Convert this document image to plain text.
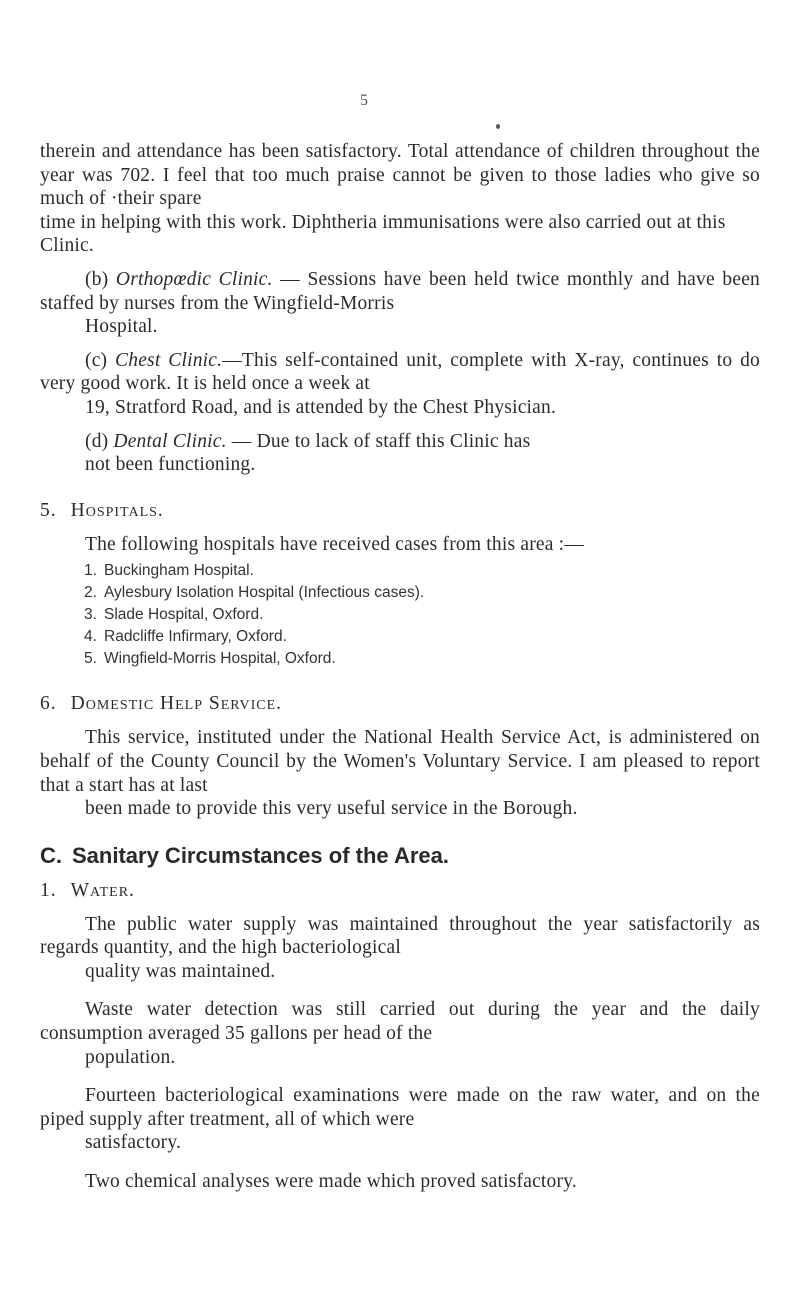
5

therein and attendance has been satisfactory. Total attendance of children throughout the year was 702. I feel that too much praise cannot be given to those ladies who give so much of ·their spare
time in helping with this work. Diphtheria immunisations were also carried out at this Clinic.

(b) Orthopœdic Clinic. — Sessions have been held twice monthly and have been staffed by nurses from the Wingfield-Morris
Hospital.

(c) Chest Clinic.—This self-contained unit, complete with X-ray, continues to do very good work. It is held once a week at
19, Stratford Road, and is attended by the Chest Physician.

(d) Dental Clinic. — Due to lack of staff this Clinic has
not been functioning.

5. Hospitals.

The following hospitals have received cases from this area :—

1. Buckingham Hospital.
2. Aylesbury Isolation Hospital (Infectious cases).
3. Slade Hospital, Oxford.
4. Radcliffe Infirmary, Oxford.
5. Wingfield-Morris Hospital, Oxford.
6. Domestic Help Service.

This service, instituted under the National Health Service Act, is administered on behalf of the County Council by the Women's Voluntary Service. I am pleased to report that a start has at last
been made to provide this very useful service in the Borough.

C. Sanitary Circumstances of the Area.
1. Water.

The public water supply was maintained throughout the year satisfactorily as regards quantity, and the high bacteriological
quality was maintained.

Waste water detection was still carried out during the year and the daily consumption averaged 35 gallons per head of the
population.

Fourteen bacteriological examinations were made on the raw water, and on the piped supply after treatment, all of which were
satisfactory.

Two chemical analyses were made which proved satisfactory.
